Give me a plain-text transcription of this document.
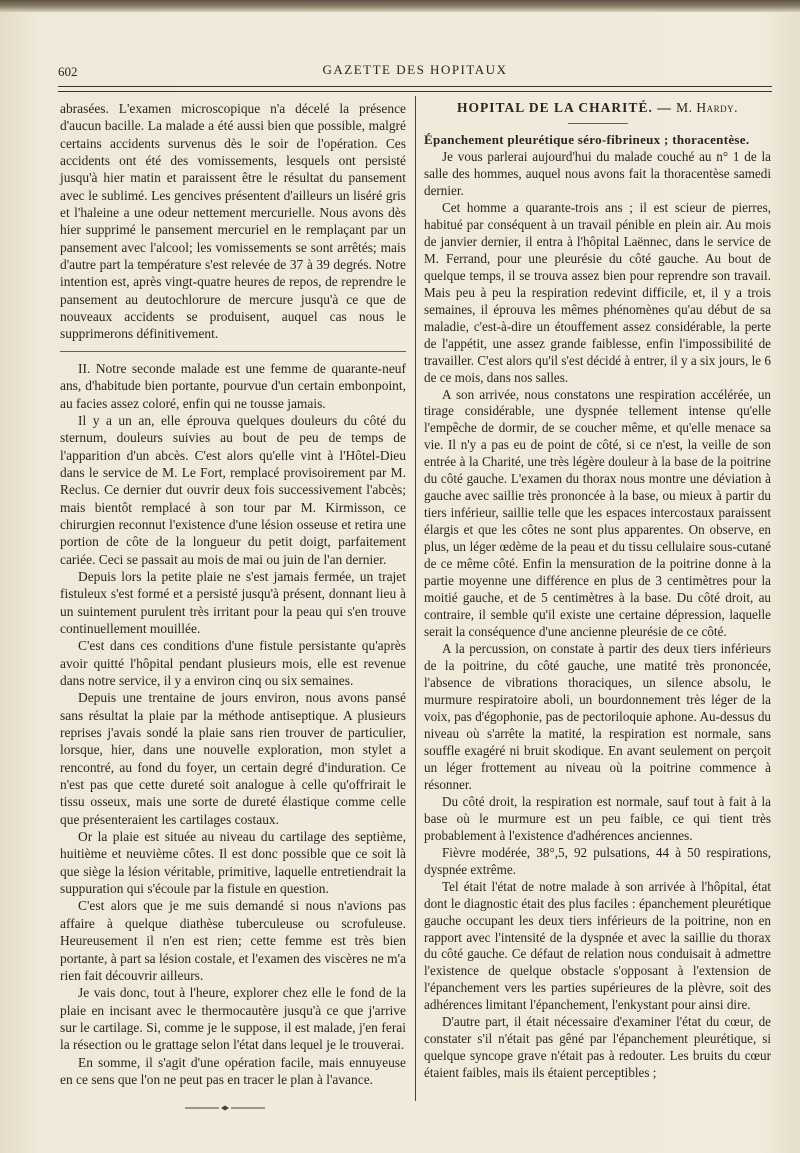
602	GAZETTE DES HOPITAUX

abrasées. L'examen microscopique n'a décelé la présence d'aucun bacille. La malade a été aussi bien que possible, malgré certains accidents survenus dès le soir de l'opération. Ces accidents ont été des vomissements, lesquels ont persisté jusqu'à hier matin et paraissent être le résultat du pansement avec le sublimé. Les gencives présentent d'ailleurs un liséré gris et l'haleine a une odeur nettement mercurielle. Nous avons dès hier supprimé le pansement mercuriel en le remplaçant par un pansement avec l'alcool; les vomissements se sont arrêtés; mais d'autre part la température s'est relevée de 37 à 39 degrés. Notre intention est, après vingt-quatre heures de repos, de reprendre le pansement au deutochlorure de mercure jusqu'à ce que de nouveaux accidents se produisent, auquel cas nous le supprimerons définitivement.

II. Notre seconde malade est une femme de quarante-neuf ans, d'habitude bien portante, pourvue d'un certain embonpoint, au facies assez coloré, enfin qui ne tousse jamais.

Il y a un an, elle éprouva quelques douleurs du côté du sternum, douleurs suivies au bout de peu de temps de l'apparition d'un abcès. C'est alors qu'elle vint à l'Hôtel-Dieu dans le service de M. Le Fort, remplacé provisoirement par M. Reclus. Ce dernier dut ouvrir deux fois successivement l'abcès; mais bientôt remplacé à son tour par M. Kirmisson, ce chirurgien reconnut l'existence d'une lésion osseuse et retira une portion de côte de la longueur du petit doigt, parfaitement cariée. Ceci se passait au mois de mai ou juin de l'an dernier.

Depuis lors la petite plaie ne s'est jamais fermée, un trajet fistuleux s'est formé et a persisté jusqu'à présent, donnant lieu à un suintement purulent très irritant pour la peau qui s'en trouve continuellement mouillée.

C'est dans ces conditions d'une fistule persistante qu'après avoir quitté l'hôpital pendant plusieurs mois, elle est revenue dans notre service, il y a environ cinq ou six semaines.

Depuis une trentaine de jours environ, nous avons pansé sans résultat la plaie par la méthode antiseptique. A plusieurs reprises j'avais sondé la plaie sans rien trouver de particulier, lorsque, hier, dans une nouvelle exploration, mon stylet a rencontré, au fond du foyer, un certain degré d'induration. Ce n'est pas que cette dureté soit analogue à celle qu'offrirait le tissu osseux, mais une sorte de dureté élastique comme celle que présenteraient les cartilages costaux.

Or la plaie est située au niveau du cartilage des septième, huitième et neuvième côtes. Il est donc possible que ce soit là que siège la lésion véritable, primitive, laquelle entretiendrait la suppuration qui s'écoule par la fistule en question.

C'est alors que je me suis demandé si nous n'avions pas affaire à quelque diathèse tuberculeuse ou scrofuleuse. Heureusement il n'en est rien; cette femme est très bien portante, à part sa lésion costale, et l'examen des viscères ne m'a rien fait découvrir ailleurs.

Je vais donc, tout à l'heure, explorer chez elle le fond de la plaie en incisant avec le thermocautère jusqu'à ce que j'arrive sur le cartilage. Si, comme je le suppose, il est malade, j'en ferai la résection ou le grattage selon l'état dans lequel je le trouverai.

En somme, il s'agit d'une opération facile, mais ennuyeuse en ce sens que l'on ne peut pas en tracer le plan à l'avance.

HOPITAL DE LA CHARITÉ. — M. Hardy.

Épanchement pleurétique séro-fibrineux ; thoracentèse.

Je vous parlerai aujourd'hui du malade couché au n° 1 de la salle des hommes, auquel nous avons fait la thoracentèse samedi dernier.

Cet homme a quarante-trois ans ; il est scieur de pierres, habitué par conséquent à un travail pénible en plein air. Au mois de janvier dernier, il entra à l'hôpital Laënnec, dans le service de M. Ferrand, pour une pleurésie du côté gauche. Au bout de quelque temps, il se trouva assez bien pour reprendre son travail. Mais peu à peu la respiration redevint difficile, et, il y a trois semaines, il éprouva les mêmes phénomènes qu'au début de sa maladie, c'est-à-dire un étouffement assez considérable, la perte de l'appétit, une assez grande faiblesse, enfin l'impossibilité de travailler. C'est alors qu'il s'est décidé à entrer, il y a six jours, le 6 de ce mois, dans nos salles.

A son arrivée, nous constatons une respiration accélérée, un tirage considérable, une dyspnée tellement intense qu'elle l'empêche de dormir, de se coucher même, et qu'elle menace sa vie. Il n'y a pas eu de point de côté, si ce n'est, la veille de son entrée à la Charité, une très légère douleur à la base de la poitrine du côté gauche. L'examen du thorax nous montre une déviation à gauche avec saillie très prononcée à la base, ou mieux à partir du tiers inférieur, saillie telle que les espaces intercostaux paraissent élargis et que les côtes ne sont plus apparentes. On observe, en plus, un léger œdème de la peau et du tissu cellulaire sous-cutané de ce même côté. Enfin la mensuration de la poitrine donne à la partie moyenne une différence en plus de 3 centimètres pour la moitié gauche, et de 5 centimètres à la base. Du côté droit, au contraire, il semble qu'il existe une certaine dépression, laquelle serait la conséquence d'une ancienne pleurésie de ce côté.

A la percussion, on constate à partir des deux tiers inférieurs de la poitrine, du côté gauche, une matité très prononcée, l'absence de vibrations thoraciques, un silence absolu, le murmure respiratoire aboli, un bourdonnement très léger de la voix, pas d'égophonie, pas de pectoriloquie aphone. Au-dessus du niveau où s'arrête la matité, la respiration est normale, sans souffle exagéré ni bruit skodique. En avant seulement on perçoit un léger frottement au niveau où la poitrine commence à résonner.

Du côté droit, la respiration est normale, sauf tout à fait à la base où le murmure est un peu faible, ce qui tient très probablement à l'existence d'adhérences anciennes.

Fièvre modérée, 38°,5, 92 pulsations, 44 à 50 respirations, dyspnée extrême.

Tel était l'état de notre malade à son arrivée à l'hôpital, état dont le diagnostic était des plus faciles : épanchement pleurétique gauche occupant les deux tiers inférieurs de la poitrine, non en rapport avec l'intensité de la dyspnée et avec la saillie du thorax du côté gauche. Ce défaut de relation nous conduisait à admettre l'existence de quelque obstacle s'opposant à l'extension de l'épanchement vers les parties supérieures de la plèvre, soit des adhérences limitant l'épanchement, l'enkystant pour ainsi dire.

D'autre part, il était nécessaire d'examiner l'état du cœur, de constater s'il n'était pas gêné par l'épanchement pleurétique, si quelque syncope grave n'était pas à redouter. Les bruits du cœur étaient faibles, mais ils étaient perceptibles ;
